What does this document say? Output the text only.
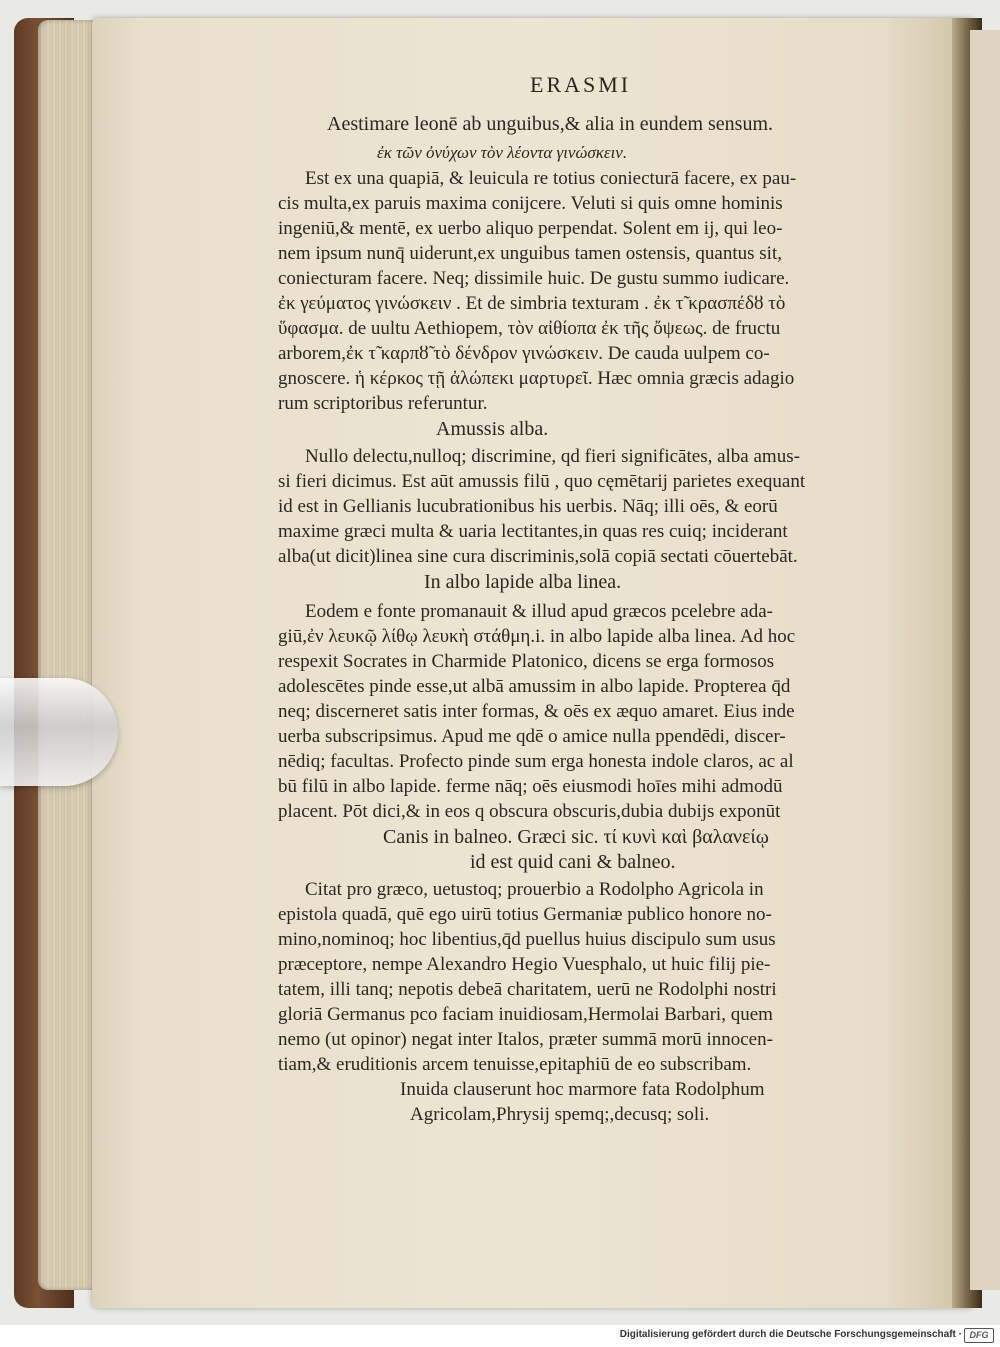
ERASMI
Aestimare leonē ab unguibus,& alia in eundem sensum.
ἐκ τῶν ὀνύχων τὸν λέοντα γινώσκειν.
Est ex una quapiā, & leuicula re totius coniecturā facere, ex pau-
cis multa,ex paruis maxima conijcere. Veluti si quis omne hominis
ingeniū,& mentē, ex uerbo aliquo perpendat. Solent em ij, qui leo-
nem ipsum nunq̄ uiderunt,ex unguibus tamen ostensis, quantus sit,
coniecturam facere. Neq; dissimile huic. De gustu summo iudicare.
ἐκ γεύματος γινώσκειν . Et de simbria texturam . ἐκ τ̃ κρασπέδȣ τὸ
ὕφασμα. de uultu Aethiopem, τὸν αἰθίοπα ἐκ τῆς ὄψεως. de fructu
arborem,ἐκ τ̃ καρπȣ̃ τὸ δένδρον γινώσκειν. De cauda uulpem co-
gnoscere. ἡ κέρκος τῇ ἀλώπεκι μαρτυρεῖ. Hæc omnia græcis adagio
rum scriptoribus referuntur.
Amussis alba.
Nullo delectu,nulloq; discrimine, qd fieri significātes, alba amus-
si fieri dicimus. Est aūt amussis filū , quo cęmētarij parietes exequant
id est in Gellianis lucubrationibus his uerbis. Nāq; illi oēs, & eorū
maxime græci multa & uaria lectitantes,in quas res cuiq; inciderant
alba(ut dicit)linea sine cura discriminis,solā copiā sectati cōuertebāt.
In albo lapide alba linea.
Eodem e fonte promanauit & illud apud græcos pcelebre ada-
giū,ἐν λευκῷ λίθῳ λευκὴ στάθμη.i. in albo lapide alba linea. Ad hoc
respexit Socrates in Charmide Platonico, dicens se erga formosos
adolescētes pinde esse,ut albā amussim in albo lapide. Propterea q̄d
neq; discerneret satis inter formas, & oēs ex æquo amaret. Eius inde
uerba subscripsimus. Apud me qdē o amice nulla ppendēdi, discer-
nēdiq; facultas. Profecto pinde sum erga honesta indole claros, ac al
bū filū in albo lapide. ferme nāq; oēs eiusmodi hoīes mihi admodū
placent. Pōt dici,& in eos q obscura obscuris,dubia dubijs exponūt
Canis in balneo. Græci sic. τί κυνὶ καὶ βαλανείῳ
id est quid cani & balneo.
Citat pro græco, uetustoq; prouerbio a Rodolpho Agricola in
epistola quadā, quē ego uirū totius Germaniæ publico honore no-
mino,nominoq; hoc libentius,q̄d puellus huius discipulo sum usus
præceptore, nempe Alexandro Hegio Vuesphalo, ut huic filij pie-
tatem, illi tanq; nepotis debeā charitatem, uerū ne Rodolphi nostri
gloriā Germanus pco faciam inuidiosam,Hermolai Barbari, quem
nemo (ut opinor) negat inter Italos, præter summā morū innocen-
tiam,& eruditionis arcem tenuisse,epitaphiū de eo subscribam.
Inuida clauserunt hoc marmore fata Rodolphum
Agricolam,Phrysij spemq;,decusq; soli.
Digitalisierung gefördert durch die Deutsche Forschungsgemeinschaft · DFG
